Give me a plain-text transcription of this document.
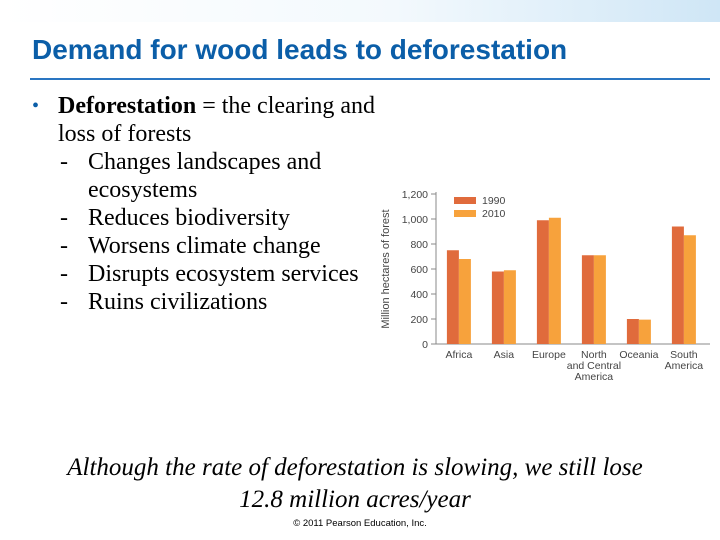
Demand for wood leads to deforestation
• Deforestation = the clearing and loss of forests
- Changes landscapes and ecosystems
- Reduces biodiversity
- Worsens climate change
- Disrupts ecosystem services
- Ruins civilizations	Million hectares of forest
0
200
400
600
800
1,000
1,200
Africa Asia Europe North
and Central
America
Oceania South
America
1990
2010
Although the rate of deforestation is slowing, we still lose 12.8 million acres/year
© 2011 Pearson Education, Inc.
